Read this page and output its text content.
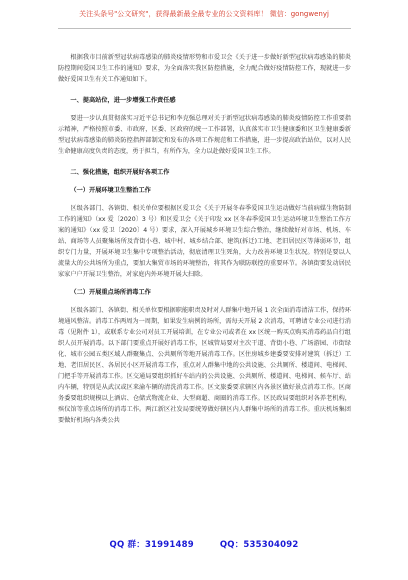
关注头条号"公文研究"，获得最新最全最专业的公文资料库！ 微信：gongwenyj

根据我市目前新型冠状病毒感染的肺炎疫情形势和市爱卫会《关于进一步做好新型冠状病毒感染的肺炎防控期间爱国卫生工作的通知》要求，为全面落实我区防控措施，全力配合做好疫情防控工作，现就进一步做好爱国卫生有关工作通知如下。

一、提高站位，进一步增强工作责任感

要进一步认真贯彻落实习近平总书记和李克强总理对关于新型冠状病毒感染的肺炎疫情防控工作重要指示精神，严格按照市委、市政府，区委、区政府的统一工作部署，认真落实市卫生健康委和区卫生健康委新型冠状病毒感染的肺炎防控指挥部制定和发布的各项工作规范和工作措施，进一步提高政治站位，以对人民生命健康高度负责的态度，勇于担当，有所作为，全力以赴做好爱国卫生工作。

二、强化措施，组织开展好各项工作

（一）开展环境卫生整治工作

区级各部门、各镇街、相关单位要根据区爱卫会《关于开展冬春季爱国卫生运动做好当前病媒生物防制工作的通知》（xx 爱〔2020〕3 号）和区爱卫会《关于印发 xx 区冬春季爱国卫生运动环境卫生整治工作方案的通知》（xx 爱卫〔2020〕4 号）要求，深入开展城乡环境卫生综合整治，继续做好对市场、机场、车站、商场等人员聚集场所及背街小巷、城中村、城乡结合部、建筑(拆迁)工地、老旧居民区等薄弱环节，组织专门力量，开展环境卫生集中专项整治活动，彻底清理卫生死角，大力改善环境卫生状况。特别是要以人流量大的公共场所为重点，要加大集贸市场的环境整治，将其作为联防联控的重要环节。各镇街要发动居民家家户户开展卫生整治，对家庭内外环境开展大扫除。

（二）开展重点场所消毒工作

区级各部门、各镇街、相关单位要根据职能职责及时对人群集中地开展 1 次全面消毒清洁工作，保持环境通风整洁。消毒工作两周为一周期，如果发生病例的场所，需每天开展 2 次消毒，可聘请专业公司进行消毒（见附件 1），或联系专业公司对员工开展培训，在专业公司或者在 xx 区统一购买点购买消毒药品自行组织人员开展消毒。以下部门要重点开展好消毒工作，区城管局要对主次干道、背街小巷、广场游园、市街绿化、城市公园五类区域人群聚集点、公共厕所等地开展消毒工作。区住房城乡建委要安排对建筑（拆迁）工地、老旧居民区、各居民小区开展消毒工作，重点对人群集中地的公共设施、公共厕所、楼道间、电梯间、门把手等开展消毒工作。区交通局要组织抓好车站内的公共设施、公共厕所、楼道间、电梯间、候车厅、站内车辆，特别是从武汉或区来渝车辆的清洗消毒工作。区文旅委要求辖区内各景区做好景点消毒工作。区商务委要组织规模以上酒店、仓储式物流企业、大型商超、商圈的消毒工作。区民政局要组织对各养老机构，殡仪馆等重点场所的消毒工作。两江新区社发局要统筹做好辖区内人群集中场所的消毒工作。重庆机场集团要做好机场内各类公共

QQ 群：31991489	QQ：535304092
